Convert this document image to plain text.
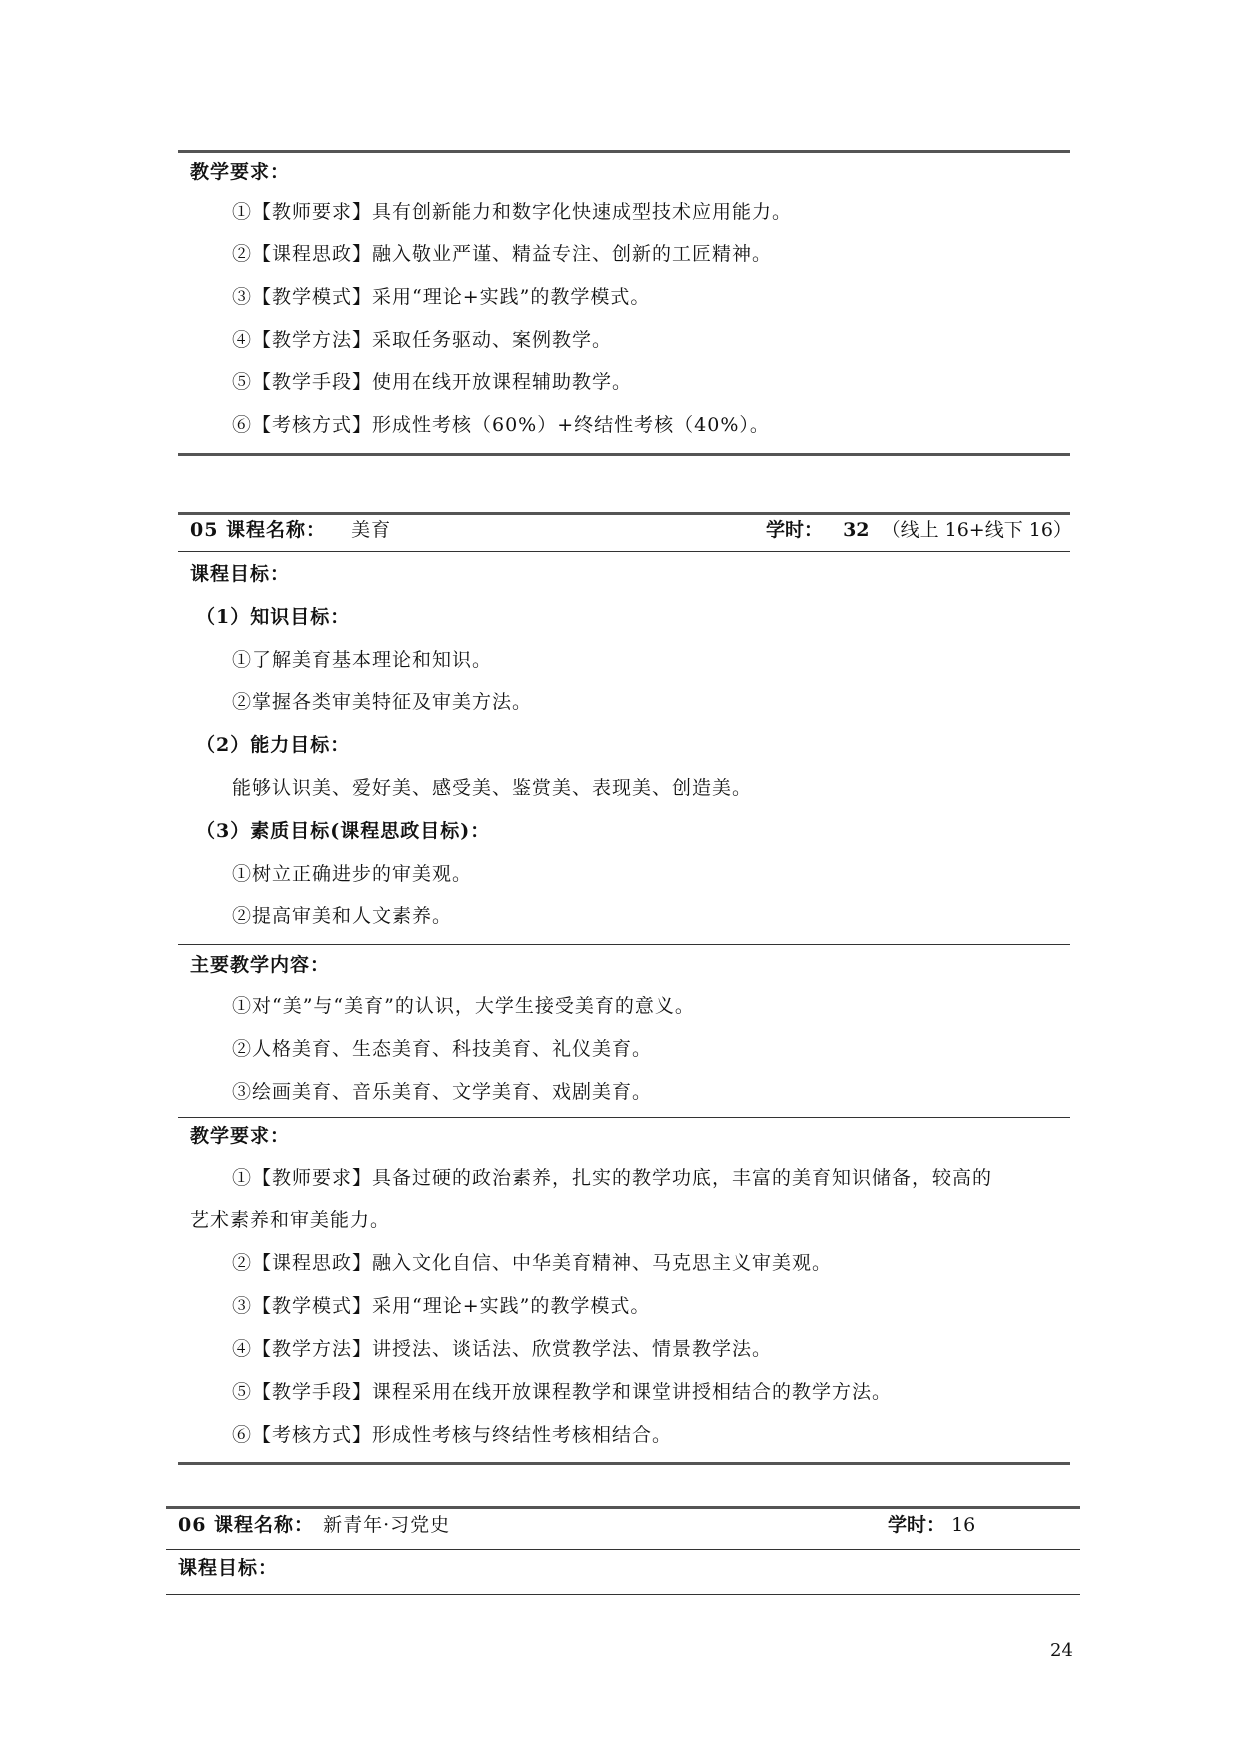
教学要求：
①【教师要求】具有创新能力和数字化快速成型技术应用能力。
②【课程思政】融入敬业严谨、精益专注、创新的工匠精神。
③【教学模式】采用“理论+实践”的教学模式。
④【教学方法】采取任务驱动、案例教学。
⑤【教学手段】使用在线开放课程辅助教学。
⑥【考核方式】形成性考核（60%）+终结性考核（40%）。
05 课程名称： 美育	学时： 32 （线上 16+线下 16）
课程目标：
（1）知识目标：
①了解美育基本理论和知识。
②掌握各类审美特征及审美方法。
（2）能力目标：
能够认识美、爱好美、感受美、鉴赏美、表现美、创造美。
（3）素质目标(课程思政目标)：
①树立正确进步的审美观。
②提高审美和人文素养。
主要教学内容：
①对“美”与“美育”的认识，大学生接受美育的意义。
②人格美育、生态美育、科技美育、礼仪美育。
③绘画美育、音乐美育、文学美育、戏剧美育。
教学要求：
①【教师要求】具备过硬的政治素养，扎实的教学功底，丰富的美育知识储备，较高的
艺术素养和审美能力。
②【课程思政】融入文化自信、中华美育精神、马克思主义审美观。
③【教学模式】采用“理论+实践”的教学模式。
④【教学方法】讲授法、谈话法、欣赏教学法、情景教学法。
⑤【教学手段】课程采用在线开放课程教学和课堂讲授相结合的教学方法。
⑥【考核方式】形成性考核与终结性考核相结合。
06 课程名称： 新青年·习党史	学时： 16
课程目标：
24
